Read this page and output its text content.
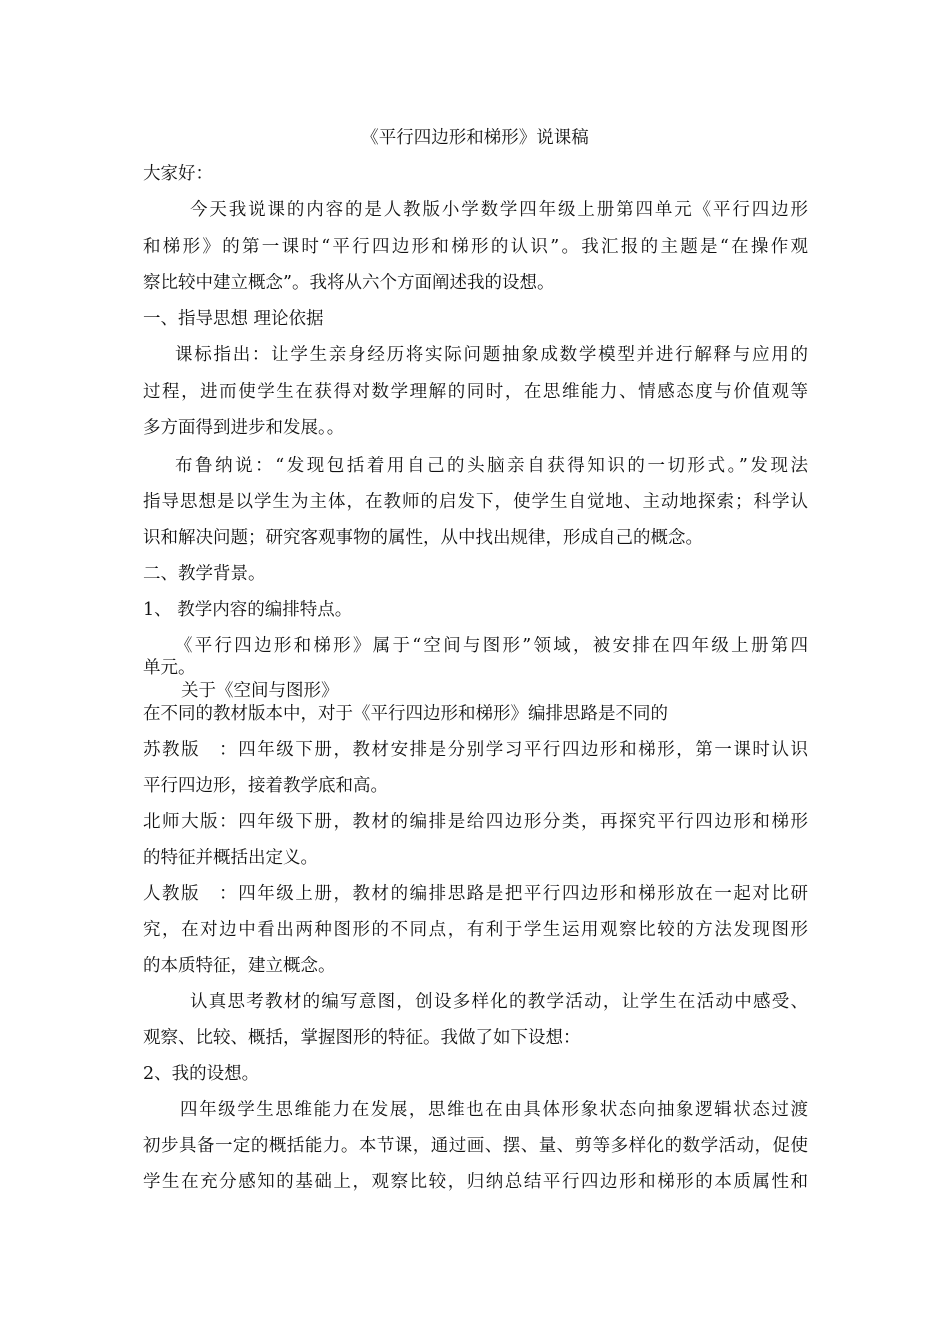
《平行四边形和梯形》说课稿
大家好：
今天我说课的内容的是人教版小学数学四年级上册第四单元《平行四边形
和梯形》的第一课时“平行四边形和梯形的认识”。我汇报的主题是“在操作观
察比较中建立概念”。我将从六个方面阐述我的设想。
一、指导思想 理论依据
课标指出：让学生亲身经历将实际问题抽象成数学模型并进行解释与应用的
过程，进而使学生在获得对数学理解的同时，在思维能力、情感态度与价值观等
多方面得到进步和发展。。
布鲁纳说：“发现包括着用自己的头脑亲自获得知识的一切形式。”发现法
指导思想是以学生为主体，在教师的启发下，使学生自觉地、主动地探索；科学认
识和解决问题；研究客观事物的属性，从中找出规律，形成自己的概念。
二、教学背景。
1、 教学内容的编排特点。
《平行四边形和梯形》属于“空间与图形”领域，被安排在四年级上册第四
单元。
关于《空间与图形》
在不同的教材版本中，对于《平行四边形和梯形》编排思路是不同的
苏教版　：四年级下册，教材安排是分别学习平行四边形和梯形，第一课时认识
平行四边形，接着教学底和高。
北师大版：四年级下册，教材的编排是给四边形分类，再探究平行四边形和梯形
的特征并概括出定义。
人教版　：四年级上册，教材的编排思路是把平行四边形和梯形放在一起对比研
究，在对边中看出两种图形的不同点，有利于学生运用观察比较的方法发现图形
的本质特征，建立概念。
认真思考教材的编写意图，创设多样化的教学活动，让学生在活动中感受、
观察、比较、概括，掌握图形的特征。我做了如下设想：
2、我的设想。
四年级学生思维能力在发展，思维也在由具体形象状态向抽象逻辑状态过渡
初步具备一定的概括能力。本节课，通过画、摆、量、剪等多样化的数学活动，促使
学生在充分感知的基础上，观察比较，归纳总结平行四边形和梯形的本质属性和
